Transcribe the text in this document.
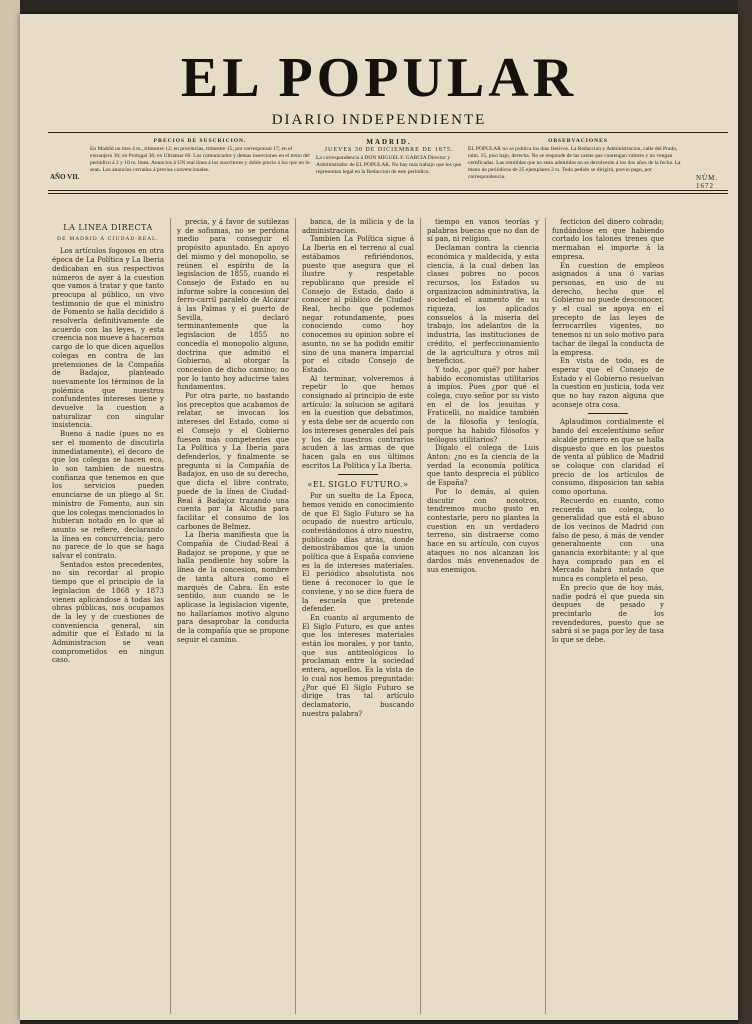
EL POPULAR
DIARIO INDEPENDIENTE
PRECIOS DE SUSCRICION.
En Madrid un mes 4 rs., trimestre 12; en provincias, trimestre 15; por corresponsal 17; en el extranjero 30; en Portugal 36; en Ultramar 60. Los comunicados y demas inserciones en el texto del periódico á 2 y 10 rs. linea. Anuncios á UN real línea á los suscritores y doble precio á los que no lo sean. Los anuncios cerrados á precios convencionales.
AÑO VII.
MADRID.
JUEVES 30 DE DICIEMBRE DE 1875.
La correspondencia á DON MIGUEL F. GARCIA Director y Administrador de EL POPULAR. No hay más trabajo que los que representan legal en la Redaccion de este periódico.
OBSERVACIONES
EL POPULAR no se publica los días festivos. La Redaccion y Administracion, calle del Prado, núm. 15, piso bajo, derecha. No se responde de las cartas que contengan valores y no vengan certificadas. Las remitidas que no sean admitidas no se devolverán á los dos años de la fecha. La mano de periódicos de 25 ejemplares 2 rs. Todo pedido se dirigirá, previo pago, por correspondencia.	NÚM. 1672

LA LINEA DIRECTA

DE MADRID Á CIUDAD-REAL.

Los artículos fogosos en otra época de La Política y La Iberia dedicaban en sus respectivos números de ayer á la cuestion que vamos á tratar y que tanto preocupa al público, un vivo testimonio de que el ministro de Fomento se halla decidido á resolverla definitivamente de acuerdo con las leyes, y esta creencia nos mueve á hacernos cargo de lo que dicen aquellos colegas en contra de las pretensiones de la Compañía de Badajoz, planteado nuevamente los términos de la polémica que nuestros confundentes intereses tiene y devuelve la cuestion a naturalizar con singular insistencia.

Bueno á nadie (pues no es ser el momento de discutirla inmediatamente), el decoro de que los colegas se hacen eco, lo son tambien de nuestra confianza que tenemos en que los servicios pueden enunciarse de un pliego al Sr. ministro de Fomento, aun sin que los colegas mencionados lo hubieran notado en lo que al asunto se refiere, declarando la línea en concurrencia; pero no parece de lo que se haga salvar el contrato.

Sentados estos precedentes, no sin recordar al propio tiempo que el principio de la legislacion de 1868 y 1873 vienen aplicándose á todas las obras públicas, nos ocupamos de la ley y de cuestiones de conveniencia general, sin admitir que el Estado ni la Administracion se vean comprometidos en ningun caso.

precia, y á favor de sutilezas y de sofismas, no se perdona medio para conseguir el propósito apuntado. En apoyo del mismo y del monopolio, se reúnen el espíritu de la legislacion de 1855, cuando el Consejo de Estado en su informe sobre la concesion del ferro-carril paralelo de Alcázar á las Palmas y el puerto de Sevilla, declaró terminantemente que la legislacion de 1855 no concedía el monopolio alguno, doctrina que admitió el Gobierno, al otorgar la concesion de dicho camino; no por lo tanto hoy aducirse tales fundamentos.

Por otra parte, no bastando los preceptos que acabamos de relatar, se invocan los intereses del Estado, como si el Consejo y el Gobierno fuesen más competentes que La Política y La Iberia para defenderlos, y finalmente se pregunta si la Compañía de Badajoz, en uso de su derecho, que dicta el libre contrato, puede de la línea de Ciudad-Real á Badajoz trazando una cuenta por la Alcudia para facilitar el consumo de los carbones de Belmez.

La Iberia manifiesta que la Compañía de Ciudad-Real á Badajoz se propone, y que se halla pendiente hoy sobre la línea de la concesion, nombre de tanta altura como el marqués de Cabra. En este sentido, aun cuando se le aplicase la legislacion vigente, no hallaríamos motivo alguno para desaprobar la conducta de la compañía que se propone seguir el camino.

banca, de la milicia y de la administracion.

Tambien La Política sigue á La Iberia en el terreno al cual estábamos refiriéndonos, puesto que asegura que el ilustre y respetable republicano que preside el Consejo de Estado, dado á conocer al público de Ciudad-Real, hecho que podemos negar rotundamente, pues conociendo como hoy conocemos su opinion sobre el asunto, no se ha podido emitir sino de una manera imparcial por el citado Consejo de Estado.

Al terminar, volveremos á repetir lo que hemos consignado al principio de este artículo: la solucion se agitará en la cuestion que debatimos, y esta debe ser de acuerdo con los intereses generales del país y los de nuestros contrarios acuden á las armas de que hacen gala en sus últimos escritos La Política y La Iberia.

«EL SIGLO FUTURO.»

Por un suelto de La Época, hemos venido en conocimiento de que El Siglo Futuro se ha ocupado de nuestro artículo, contestándonos á otro nuestro, publicado días atrás, donde demostrábamos que la union política que á España conviene es la de intereses materiales. El periódico absolutista nos tiene á reconocer lo que le conviene, y no se dice fuera de la escuela que pretende defender.

En cuanto al argumento de El Siglo Futuro, es que antes que los intereses materiales están los morales, y por tanto, que sus antiteológicos lo proclaman entre la sociedad entera, aquellos. Es la vista de lo cual nos hemos preguntado: ¿Por qué El Siglo Futuro se dirige tras tal artículo declamatorio, buscando nuestra palabra?

tiempo en vanos teorías y palabras buecas que no dan de sí pan, ni religion.

Declaman contra la ciencia económica y maldecida, y esta ciencia, á la cual deben las clases pobres no pocos recursos, los Estados su organizacion administrativa, la sociedad el aumento de su riqueza, los aplicados consuelos á la miseria del trabajo, los adelantos de la industria, las instituciones de crédito, el perfeccionamiento de la agricultura y otros mil beneficios.

Y todo, ¿por qué? por haber habido economistas utilitarios á impíos. Pues ¿por qué el colega, cuyo señor por su visto en el de los jesuitas y Fraticelli, no maldice también de la filosofía y teología, porque ha habido filósofos y teólogos utilitarios?

Dígalo el colega de Luis Anton: ¿no es la ciencia de la verdad la economía política que tanto desprecia el público de España?

Por lo demás, al quien discutir con nosotros, tendremos mucho gusto en contestarle, pero no plantea la cuestion en un verdadero terreno, sin distraerse como hace en su artículo, con cuyos ataques no nos alcanzan los dardos más envenenados de sus enemigos.

fecticion del dinero cobrado; fundándose en que habiendo cortado los talones trenes que mermaban el importe á la empresa.

En cuestion de empleos asignados á una ó varias personas, en uso de su derecho, hecho que el Gobierno no puede desconocer, y el cual se apoya en el precepto de las leyes de ferrocarriles vigentes, no tenemos ni un solo motivo para tachar de ilegal la conducta de la empresa.

En vista de todo, es de esperar que el Consejo de Estado y el Gobierno resuelvan la cuestion en justicia, toda vez que no hay razon alguna que aconseje otra cosa.

Aplaudimos cordialmente el bando del excelentísimo señor alcalde primero en que se halla dispuesto que en los puestos de venta al público de Madrid se coloque con claridad el precio de los artículos de consumo, disposicion tan sabia como oportuna.

Recuerdo en cuanto, como recuerda un colega, lo generalidad que está el abuso de los vecinos de Madrid con falso de peso, á más de vender generalmente con una ganancia exorbitante; y al que haya comprado pan en el Mercado habrá notado que nunca es completo el peso.

En precio que de hoy más, nadie podrá el que pueda sin despues de pesado y precintarlo de los revendedores, puesto que se sabrá si se paga por ley de tasa lo que se debe.
